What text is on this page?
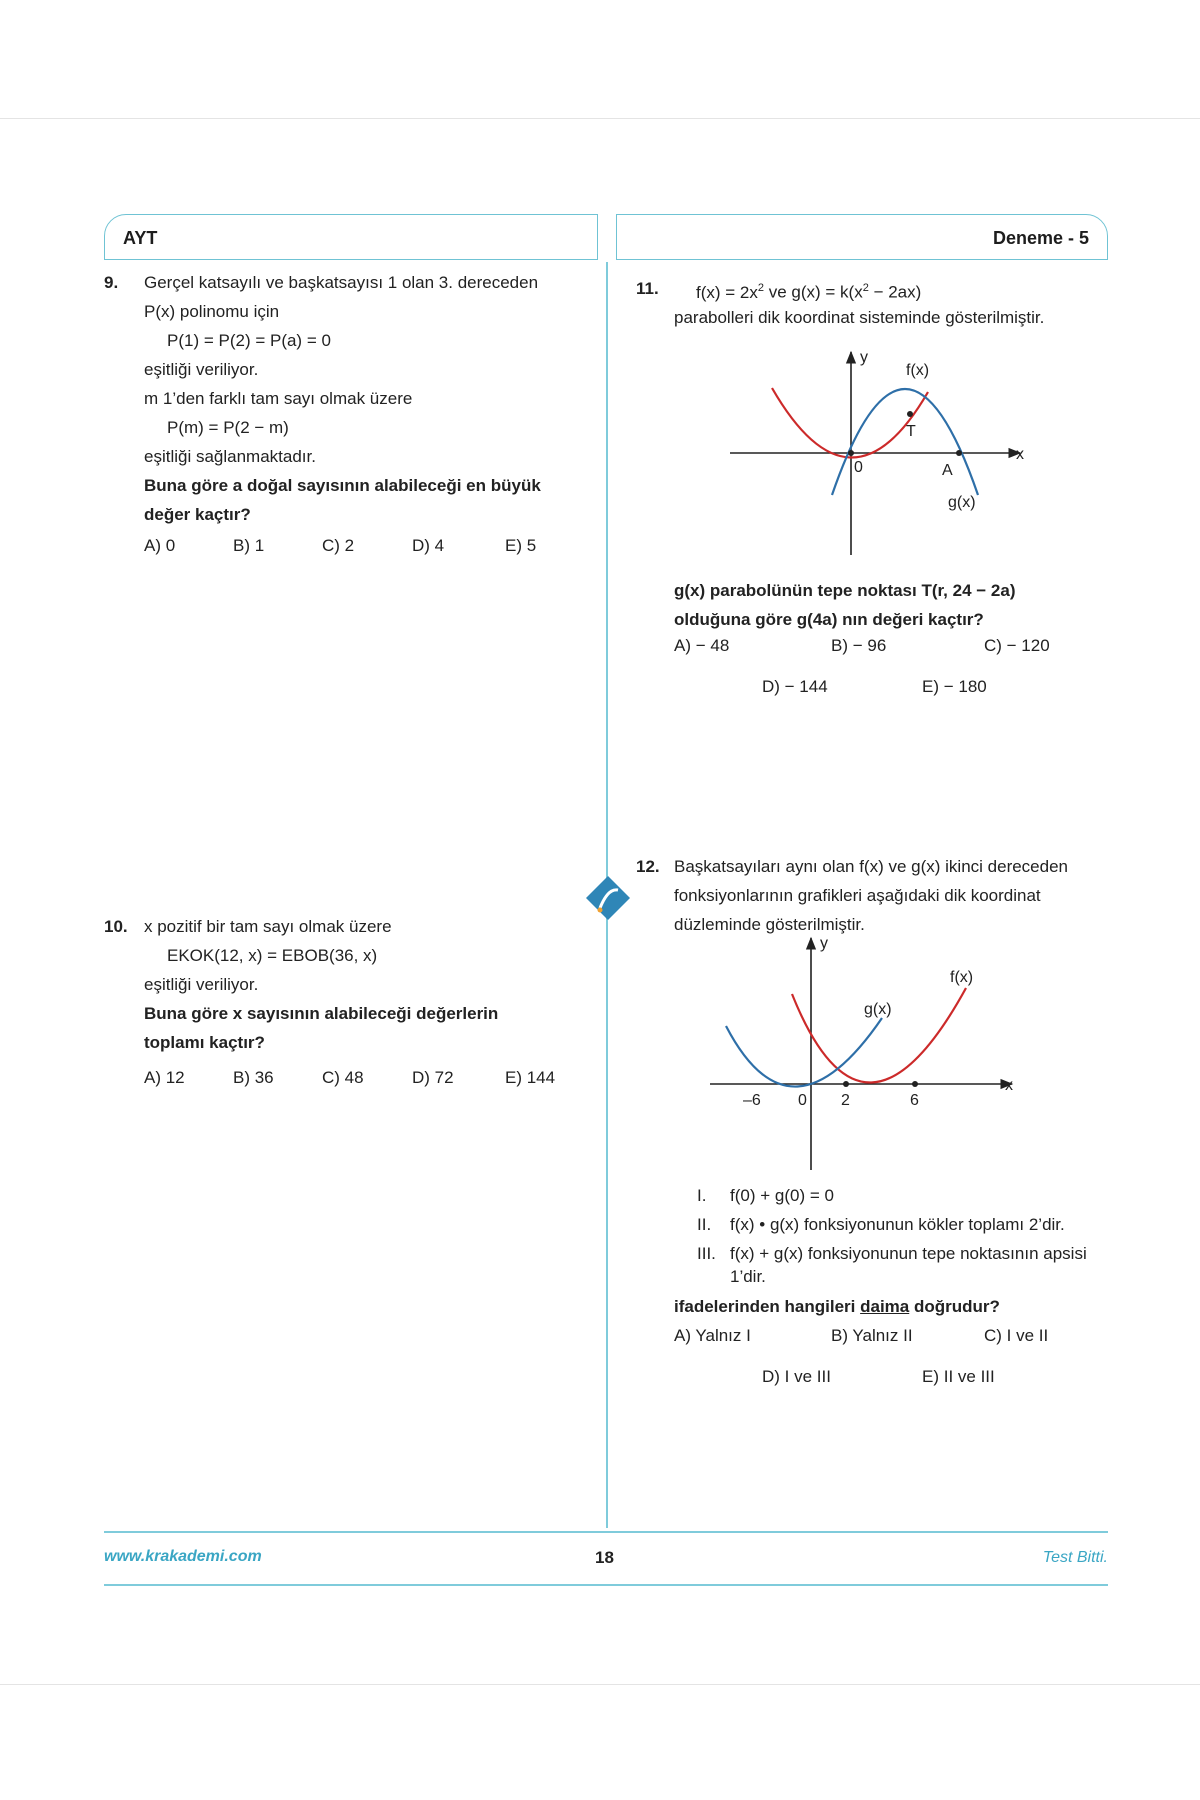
AYT	Deneme - 5
9. Gerçel katsayılı ve başkatsayısı 1 olan 3. dereceden
P(x) polinomu için
P(1) = P(2) = P(a) = 0
eşitliği veriliyor.
m 1’den farklı tam sayı olmak üzere
P(m) = P(2 − m)
eşitliği sağlanmaktadır.
Buna göre a doğal sayısının alabileceği en büyük
değer kaçtır?
A) 0	B) 1	C) 2	D) 4	E) 5
10. x pozitif bir tam sayı olmak üzere
EKOK(12, x) = EBOB(36, x)
eşitliği veriliyor.
Buna göre x sayısının alabileceği değerlerin
toplamı kaçtır?
A) 12	B) 36	C) 48	D) 72	E) 144
11.	$f(x) = 2x^2$ ve $g(x) = k(x^2 - 2ax)$
parabolleri dik koordinat sisteminde gösterilmiştir.
y
x
f(x)
g(x)
T
0	A
g(x) parabolünün tepe noktası T(r, 24 − 2a)
olduğuna göre g(4a) nın değeri kaçtır?
A) − 48	B) − 96	C) − 120
D) − 144	E) − 180
12. Başkatsayıları aynı olan f(x) ve g(x) ikinci dereceden
fonksiyonlarının grafikleri aşağıdaki dik koordinat
düzleminde gösterilmiştir.
y
x
f(x)
g(x)
–6 0 2	6
I. f(0) + g(0) = 0
II. f(x) • g(x) fonksiyonunun kökler toplamı 2’dir.
III. f(x) + g(x) fonksiyonunun tepe noktasının apsisi
1’dir.
ifadelerinden hangileri daima doğrudur?
A) Yalnız I	B) Yalnız II	C) I ve II
D) I ve III	E) II ve III
www.krakademi.com	18	Test Bitti.
